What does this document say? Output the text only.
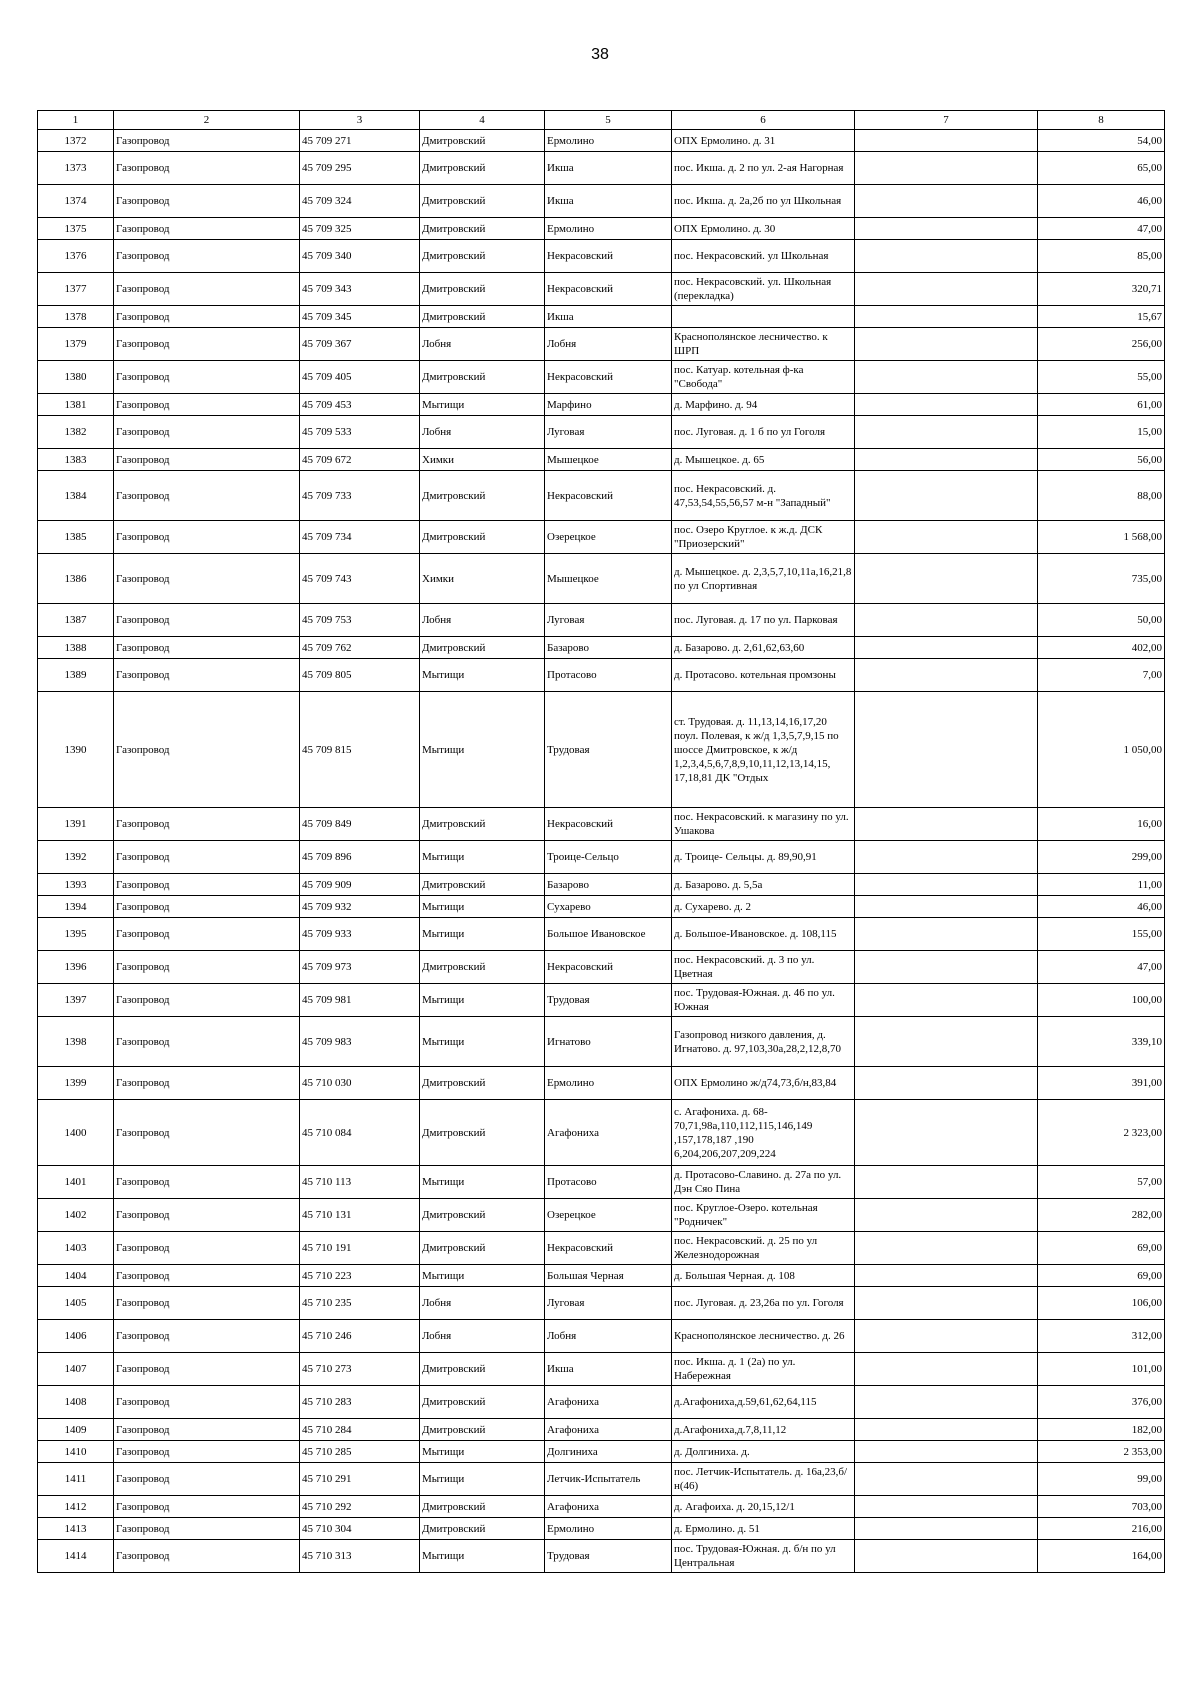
38
1	2	3	4	5	6	7	8
1372	Газопровод	45 709 271	Дмитровский	Ермолино	ОПХ Ермолино. д. 31		54,00
1373	Газопровод	45 709 295	Дмитровский	Икша	пос. Икша. д. 2 по ул. 2-ая Нагорная		65,00
1374	Газопровод	45 709 324	Дмитровский	Икша	пос. Икша. д. 2а,2б по ул Школьная		46,00
1375	Газопровод	45 709 325	Дмитровский	Ермолино	ОПХ Ермолино. д. 30		47,00
1376	Газопровод	45 709 340	Дмитровский	Некрасовский	пос. Некрасовский. ул Школьная		85,00
1377	Газопровод	45 709 343	Дмитровский	Некрасовский	пос. Некрасовский. ул. Школьная (перекладка)		320,71
1378	Газопровод	45 709 345	Дмитровский	Икша			15,67
1379	Газопровод	45 709 367	Лобня	Лобня	Краснополянское лесничество. к ШРП		256,00
1380	Газопровод	45 709 405	Дмитровский	Некрасовский	пос. Катуар. котельная ф-ка "Свобода"		55,00
1381	Газопровод	45 709 453	Мытищи	Марфино	д. Марфино. д. 94		61,00
1382	Газопровод	45 709 533	Лобня	Луговая	пос. Луговая. д. 1 б по ул Гоголя		15,00
1383	Газопровод	45 709 672	Химки	Мышецкое	д. Мышецкое. д. 65		56,00
1384	Газопровод	45 709 733	Дмитровский	Некрасовский	пос. Некрасовский. д. 47,53,54,55,56,57 м-н "Западный"		88,00
1385	Газопровод	45 709 734	Дмитровский	Озерецкое	пос. Озеро Круглое. к ж.д. ДСК "Приозерский"		1 568,00
1386	Газопровод	45 709 743	Химки	Мышецкое	д. Мышецкое. д. 2,3,5,7,10,11а,16,21,8 по ул Спортивная		735,00
1387	Газопровод	45 709 753	Лобня	Луговая	пос. Луговая. д. 17 по ул. Парковая		50,00
1388	Газопровод	45 709 762	Дмитровский	Базарово	д. Базарово. д. 2,61,62,63,60		402,00
1389	Газопровод	45 709 805	Мытищи	Протасово	д. Протасово. котельная промзоны		7,00
1390	Газопровод	45 709 815	Мытищи	Трудовая	ст. Трудовая. д. 11,13,14,16,17,20 поул. Полевая, к ж/д 1,3,5,7,9,15 по шоссе Дмитровское, к ж/д 1,2,3,4,5,6,7,8,9,10,11,12,13,14,15, 17,18,81 ДК "Отдых		1 050,00
1391	Газопровод	45 709 849	Дмитровский	Некрасовский	пос. Некрасовский. к магазину по ул. Ушакова		16,00
1392	Газопровод	45 709 896	Мытищи	Троице-Сельцо	д. Троице- Сельцы. д. 89,90,91		299,00
1393	Газопровод	45 709 909	Дмитровский	Базарово	д. Базарово. д. 5,5а		11,00
1394	Газопровод	45 709 932	Мытищи	Сухарево	д. Сухарево. д. 2		46,00
1395	Газопровод	45 709 933	Мытищи	Большое Ивановское	д. Большое-Ивановское. д. 108,115		155,00
1396	Газопровод	45 709 973	Дмитровский	Некрасовский	пос. Некрасовский. д. 3 по ул. Цветная		47,00
1397	Газопровод	45 709 981	Мытищи	Трудовая	пос. Трудовая-Южная. д. 46 по ул. Южная		100,00
1398	Газопровод	45 709 983	Мытищи	Игнатово	Газопровод низкого давления, д. Игнатово. д. 97,103,30а,28,2,12,8,70		339,10
1399	Газопровод	45 710 030	Дмитровский	Ермолино	ОПХ Ермолино ж/д74,73,б/н,83,84		391,00
1400	Газопровод	45 710 084	Дмитровский	Агафониха	с. Агафониха. д. 68-70,71,98а,110,112,115,146,149 ,157,178,187 ,190 6,204,206,207,209,224		2 323,00
1401	Газопровод	45 710 113	Мытищи	Протасово	д. Протасово-Славино. д. 27а по ул. Дэн Сяо Пина		57,00
1402	Газопровод	45 710 131	Дмитровский	Озерецкое	пос. Круглое-Озеро. котельная "Родничек"		282,00
1403	Газопровод	45 710 191	Дмитровский	Некрасовский	пос. Некрасовский. д. 25 по ул Железнодорожная		69,00
1404	Газопровод	45 710 223	Мытищи	Большая Черная	д. Большая Черная. д. 108		69,00
1405	Газопровод	45 710 235	Лобня	Луговая	пос. Луговая. д. 23,26а по ул. Гоголя		106,00
1406	Газопровод	45 710 246	Лобня	Лобня	Краснополянское лесничество. д. 26		312,00
1407	Газопровод	45 710 273	Дмитровский	Икша	пос. Икша. д. 1 (2а) по ул. Набережная		101,00
1408	Газопровод	45 710 283	Дмитровский	Агафониха	д.Агафониха,д.59,61,62,64,115		376,00
1409	Газопровод	45 710 284	Дмитровский	Агафониха	д.Агафониха,д.7,8,11,12		182,00
1410	Газопровод	45 710 285	Мытищи	Долгиниха	д. Долгиниха. д.		2 353,00
1411	Газопровод	45 710 291	Мытищи	Летчик-Испытатель	пос. Летчик-Испытатель. д. 16а,23,б/н(46)		99,00
1412	Газопровод	45 710 292	Дмитровский	Агафониха	д. Агафоиха. д. 20,15,12/1		703,00
1413	Газопровод	45 710 304	Дмитровский	Ермолино	д. Ермолино. д. 51		216,00
1414	Газопровод	45 710 313	Мытищи	Трудовая	пос. Трудовая-Южная. д. б/н по ул Центральная		164,00
